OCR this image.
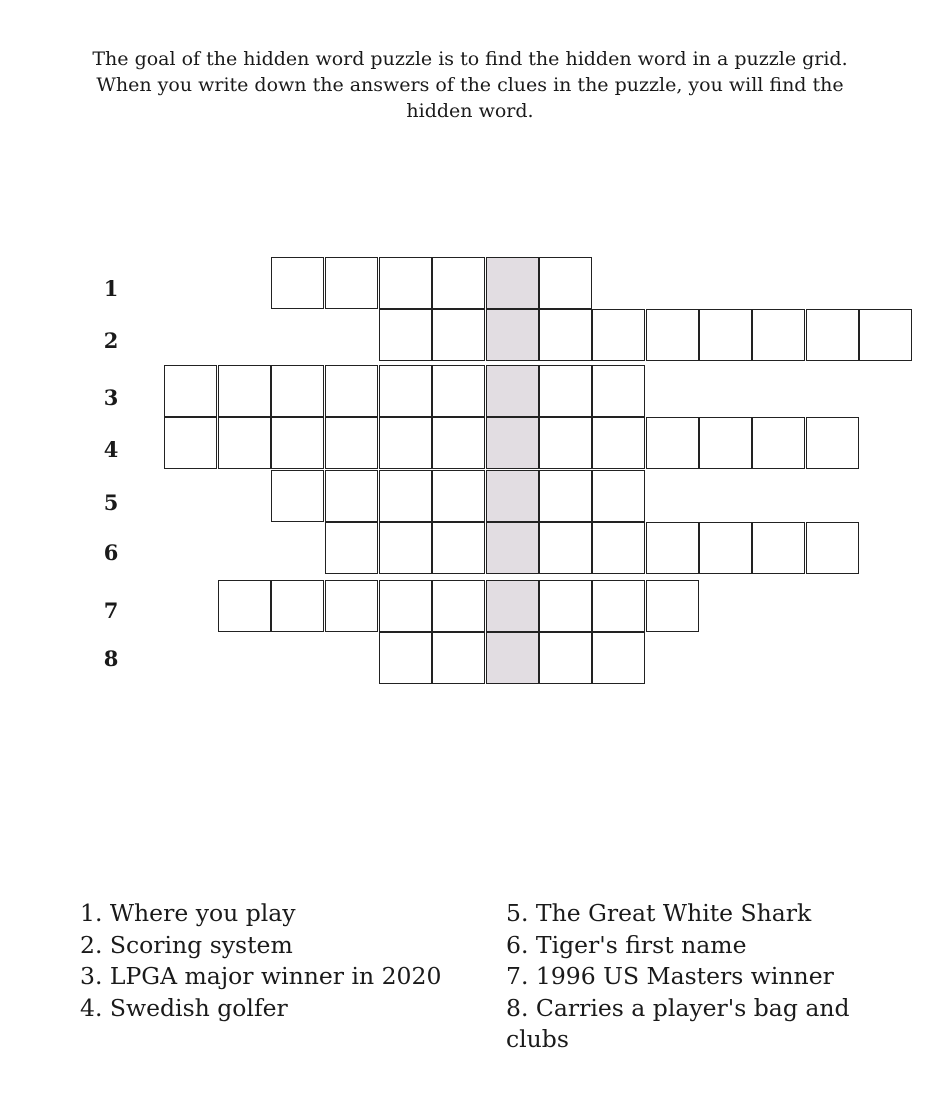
The goal of the hidden word puzzle is to find the hidden word in a puzzle grid. When you write down the answers of the clues in the puzzle, you will find the hidden word.
1
2
3
4
5
6
7
8
1. Where you play
2. Scoring system
3. LPGA major winner in 2020
4. Swedish golfer
5. The Great White Shark
6. Tiger's first name
7. 1996 US Masters winner
8. Carries a player's bag and clubs
